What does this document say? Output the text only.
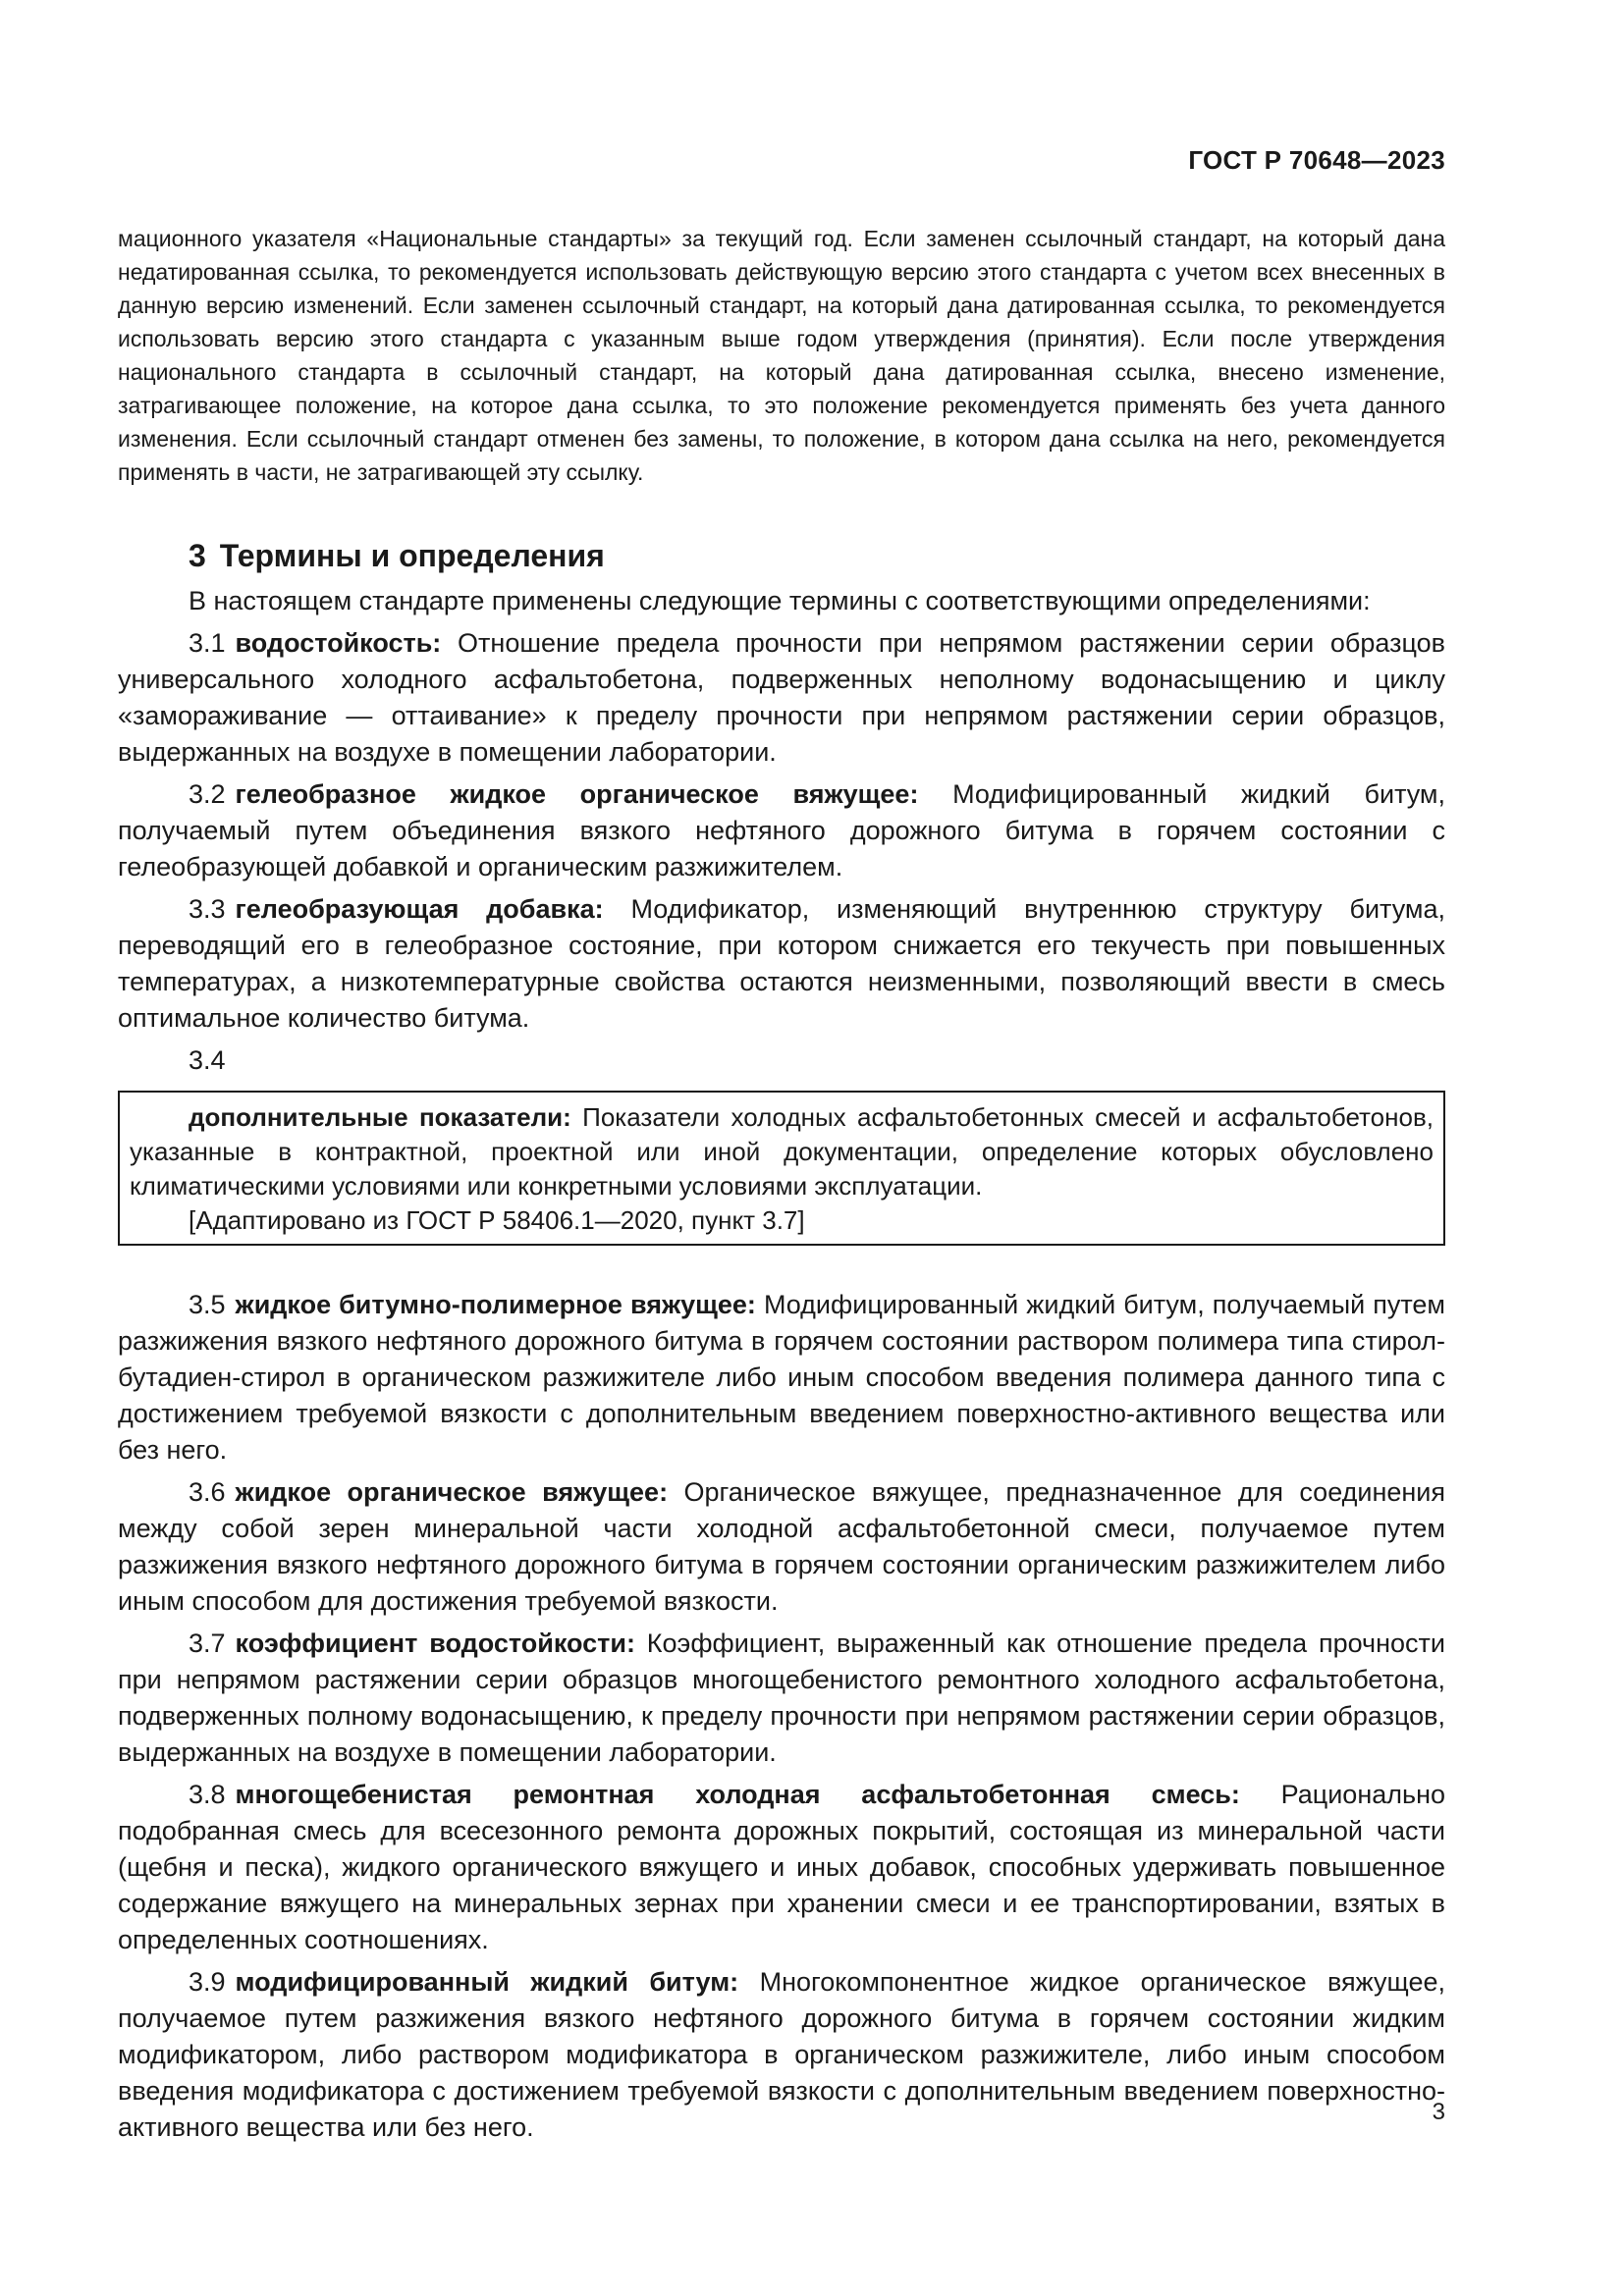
ГОСТ Р 70648—2023

мационного указателя «Национальные стандарты» за текущий год. Если заменен ссылочный стандарт, на который дана недатированная ссылка, то рекомендуется использовать действующую версию этого стандарта с учетом всех внесенных в данную версию изменений. Если заменен ссылочный стандарт, на который дана датированная ссылка, то рекомендуется использовать версию этого стандарта с указанным выше годом утверждения (принятия). Если после утверждения национального стандарта в ссылочный стандарт, на который дана датированная ссылка, внесено изменение, затрагивающее положение, на которое дана ссылка, то это положение рекомендуется применять без учета данного изменения. Если ссылочный стандарт отменен без замены, то положение, в котором дана ссылка на него, рекомендуется применять в части, не затрагивающей эту ссылку.

3 Термины и определения

В настоящем стандарте применены следующие термины с соответствующими определениями:

3.1 водостойкость: Отношение предела прочности при непрямом растяжении серии образцов универсального холодного асфальтобетона, подверженных неполному водонасыщению и циклу «замораживание — оттаивание» к пределу прочности при непрямом растяжении серии образцов, выдержанных на воздухе в помещении лаборатории.

3.2 гелеобразное жидкое органическое вяжущее: Модифицированный жидкий битум, получаемый путем объединения вязкого нефтяного дорожного битума в горячем состоянии с гелеобразующей добавкой и органическим разжижителем.

3.3 гелеобразующая добавка: Модификатор, изменяющий внутреннюю структуру битума, переводящий его в гелеобразное состояние, при котором снижается его текучесть при повышенных температурах, а низкотемпературные свойства остаются неизменными, позволяющий ввести в смесь оптимальное количество битума.

3.4

дополнительные показатели: Показатели холодных асфальтобетонных смесей и асфальтобетонов, указанные в контрактной, проектной или иной документации, определение которых обусловлено климатическими условиями или конкретными условиями эксплуатации.

[Адаптировано из ГОСТ Р 58406.1—2020, пункт 3.7]

3.5 жидкое битумно-полимерное вяжущее: Модифицированный жидкий битум, получаемый путем разжижения вязкого нефтяного дорожного битума в горячем состоянии раствором полимера типа стирол-бутадиен-стирол в органическом разжижителе либо иным способом введения полимера данного типа с достижением требуемой вязкости с дополнительным введением поверхностно-активного вещества или без него.

3.6 жидкое органическое вяжущее: Органическое вяжущее, предназначенное для соединения между собой зерен минеральной части холодной асфальтобетонной смеси, получаемое путем разжижения вязкого нефтяного дорожного битума в горячем состоянии органическим разжижителем либо иным способом для достижения требуемой вязкости.

3.7 коэффициент водостойкости: Коэффициент, выраженный как отношение предела прочности при непрямом растяжении серии образцов многощебенистого ремонтного холодного асфальтобетона, подверженных полному водонасыщению, к пределу прочности при непрямом растяжении серии образцов, выдержанных на воздухе в помещении лаборатории.

3.8 многощебенистая ремонтная холодная асфальтобетонная смесь: Рационально подобранная смесь для всесезонного ремонта дорожных покрытий, состоящая из минеральной части (щебня и песка), жидкого органического вяжущего и иных добавок, способных удерживать повышенное содержание вяжущего на минеральных зернах при хранении смеси и ее транспортировании, взятых в определенных соотношениях.

3.9 модифицированный жидкий битум: Многокомпонентное жидкое органическое вяжущее, получаемое путем разжижения вязкого нефтяного дорожного битума в горячем состоянии жидким модификатором, либо раствором модификатора в органическом разжижителе, либо иным способом введения модификатора с достижением требуемой вязкости с дополнительным введением поверхностно-активного вещества или без него.

3
